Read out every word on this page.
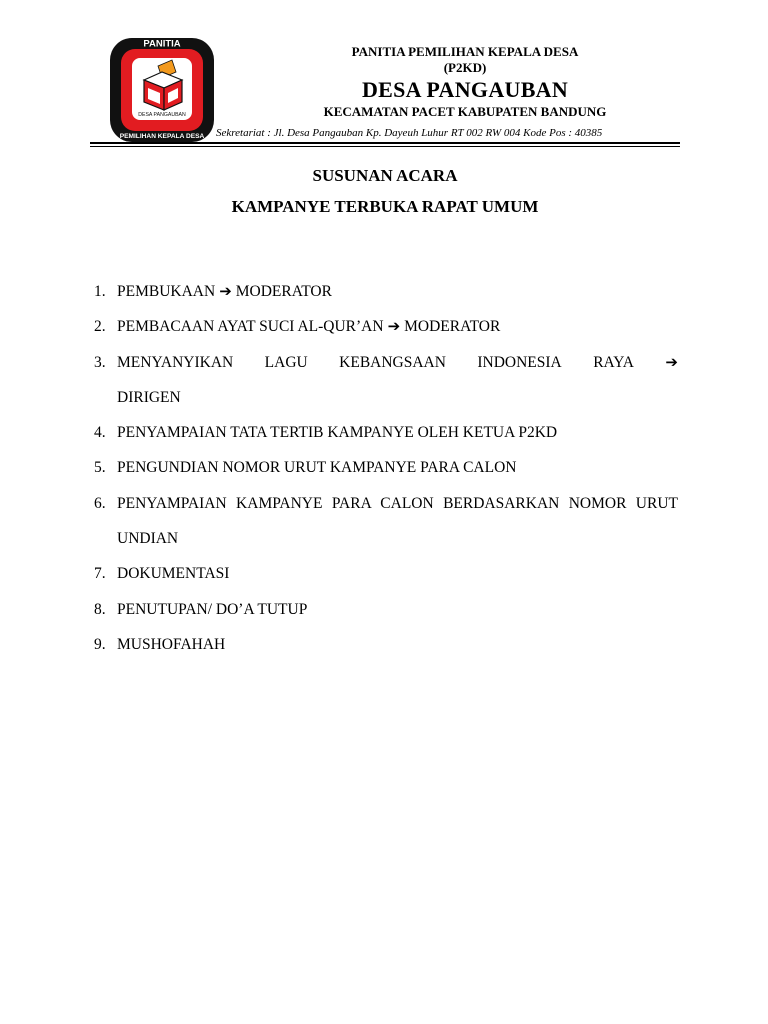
PANITIA
DESA PANGAUBAN
PEMILIHAN KEPALA DESA
PANITIA PEMILIHAN KEPALA DESA
(P2KD)
DESA PANGAUBAN
KECAMATAN PACET KABUPATEN BANDUNG
Sekretariat : Jl. Desa Pangauban Kp. Dayeuh Luhur RT 002 RW 004 Kode Pos : 40385
SUSUNAN ACARA
KAMPANYE TERBUKA RAPAT UMUM
1. PEMBUKAAN ➔ MODERATOR
2. PEMBACAAN AYAT SUCI AL-QUR’AN ➔ MODERATOR
3. MENYANYIKAN LAGU KEBANGSAAN INDONESIA RAYA ➔
DIRIGEN
4. PENYAMPAIAN TATA TERTIB KAMPANYE OLEH KETUA P2KD
5. PENGUNDIAN NOMOR URUT KAMPANYE PARA CALON
6. PENYAMPAIAN KAMPANYE PARA CALON BERDASARKAN NOMOR URUT UNDIAN
7. DOKUMENTASI
8. PENUTUPAN/ DO’A TUTUP
9. MUSHOFAHAH
